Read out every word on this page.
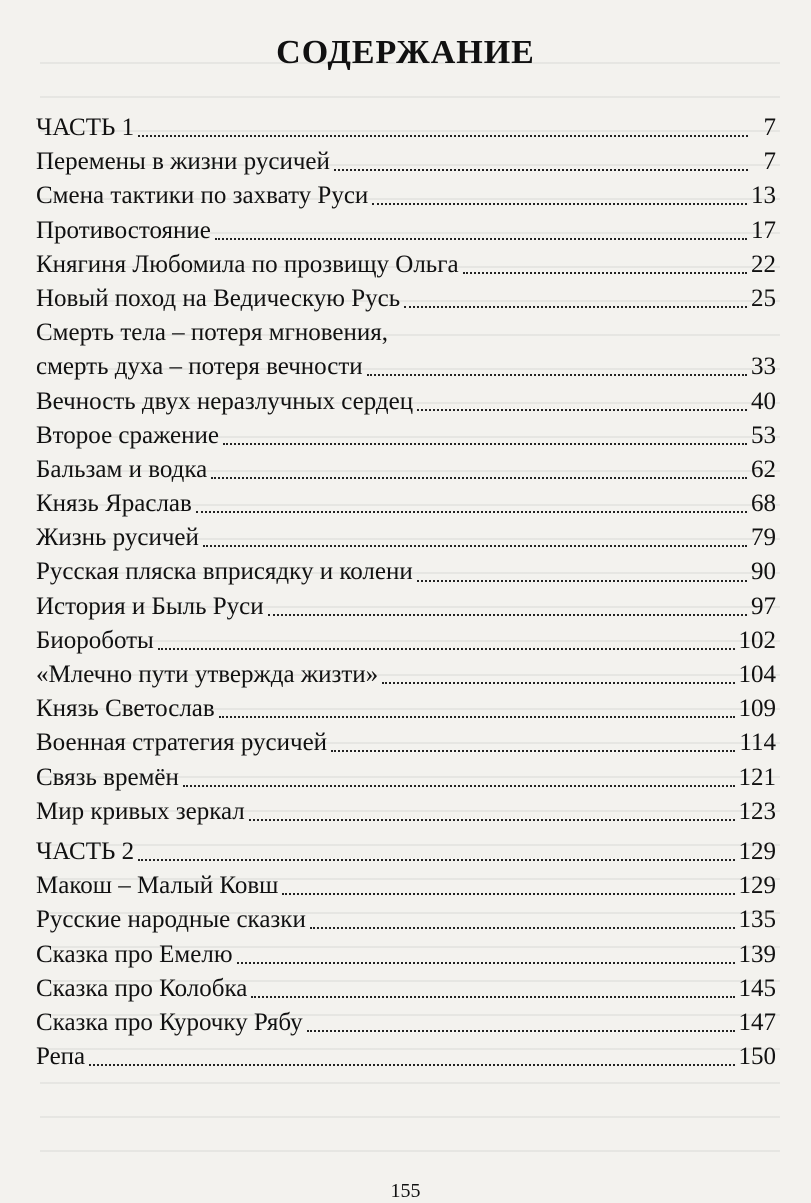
СОДЕРЖАНИЕ
ЧАСТЬ 1	7
Перемены в жизни русичей	7
Смена тактики по захвату Руси	13
Противостояние	17
Княгиня Любомила по прозвищу Ольга	22
Новый поход на Ведическую Русь	25
Смерть тела – потеря мгновения,
смерть духа – потеря вечности	33
Вечность двух неразлучных сердец	40
Второе сражение	53
Бальзам и водка	62
Князь Ярaслав	68
Жизнь русичей	79
Русская пляска вприсядку и колени	90
История и Быль Руси	97
Биороботы	102
«Млечно пути утвержда жизти»	104
Князь Светослав	109
Военная стратегия русичей	114
Связь времён	121
Мир кривых зеркал	123
ЧАСТЬ 2	129
Макош – Малый Ковш	129
Русские народные сказки	135
Сказка про Емелю	139
Сказка про Колобка	145
Сказка про Курочку Рябу	147
Репа	150
155
